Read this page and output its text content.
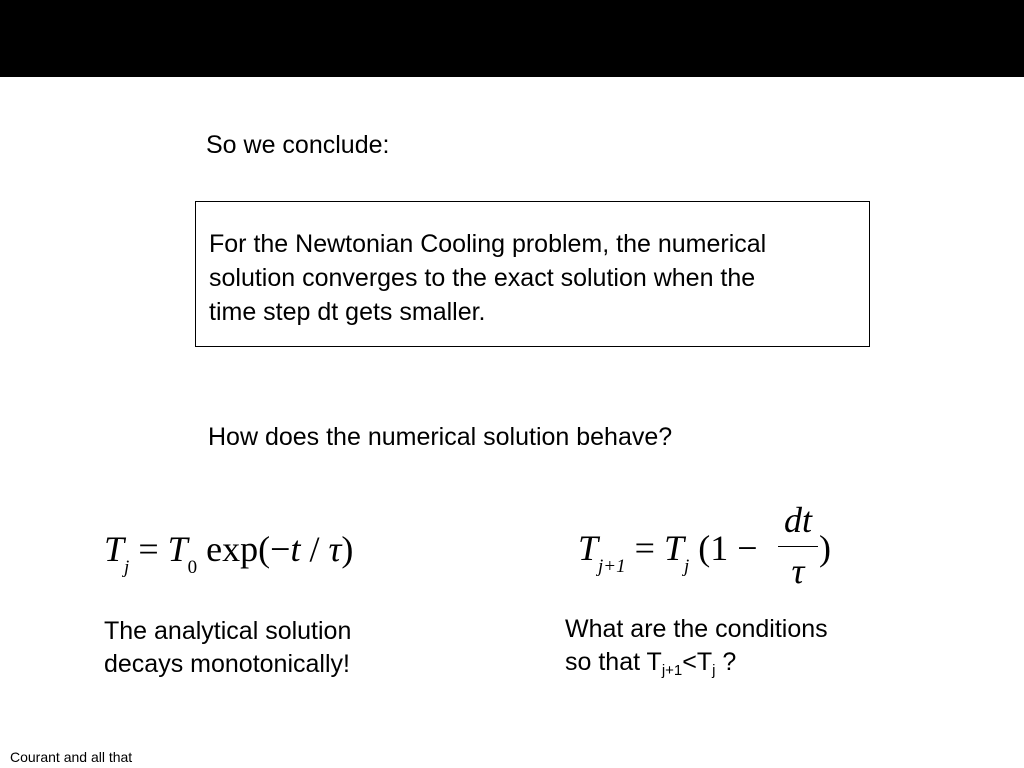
So we conclude:
For the Newtonian Cooling problem, the numerical
solution converges to the exact solution when the
time step dt gets smaller.
How does the numerical solution behave?
$T_j = T_0$ exp(−t / τ)	$T_{j+1} = T_j$ (1 −
dt
τ
)
The analytical solution
decays monotonically!
What are the conditions
so that $T_{j+1}<T_j$ ?
Courant and all that
